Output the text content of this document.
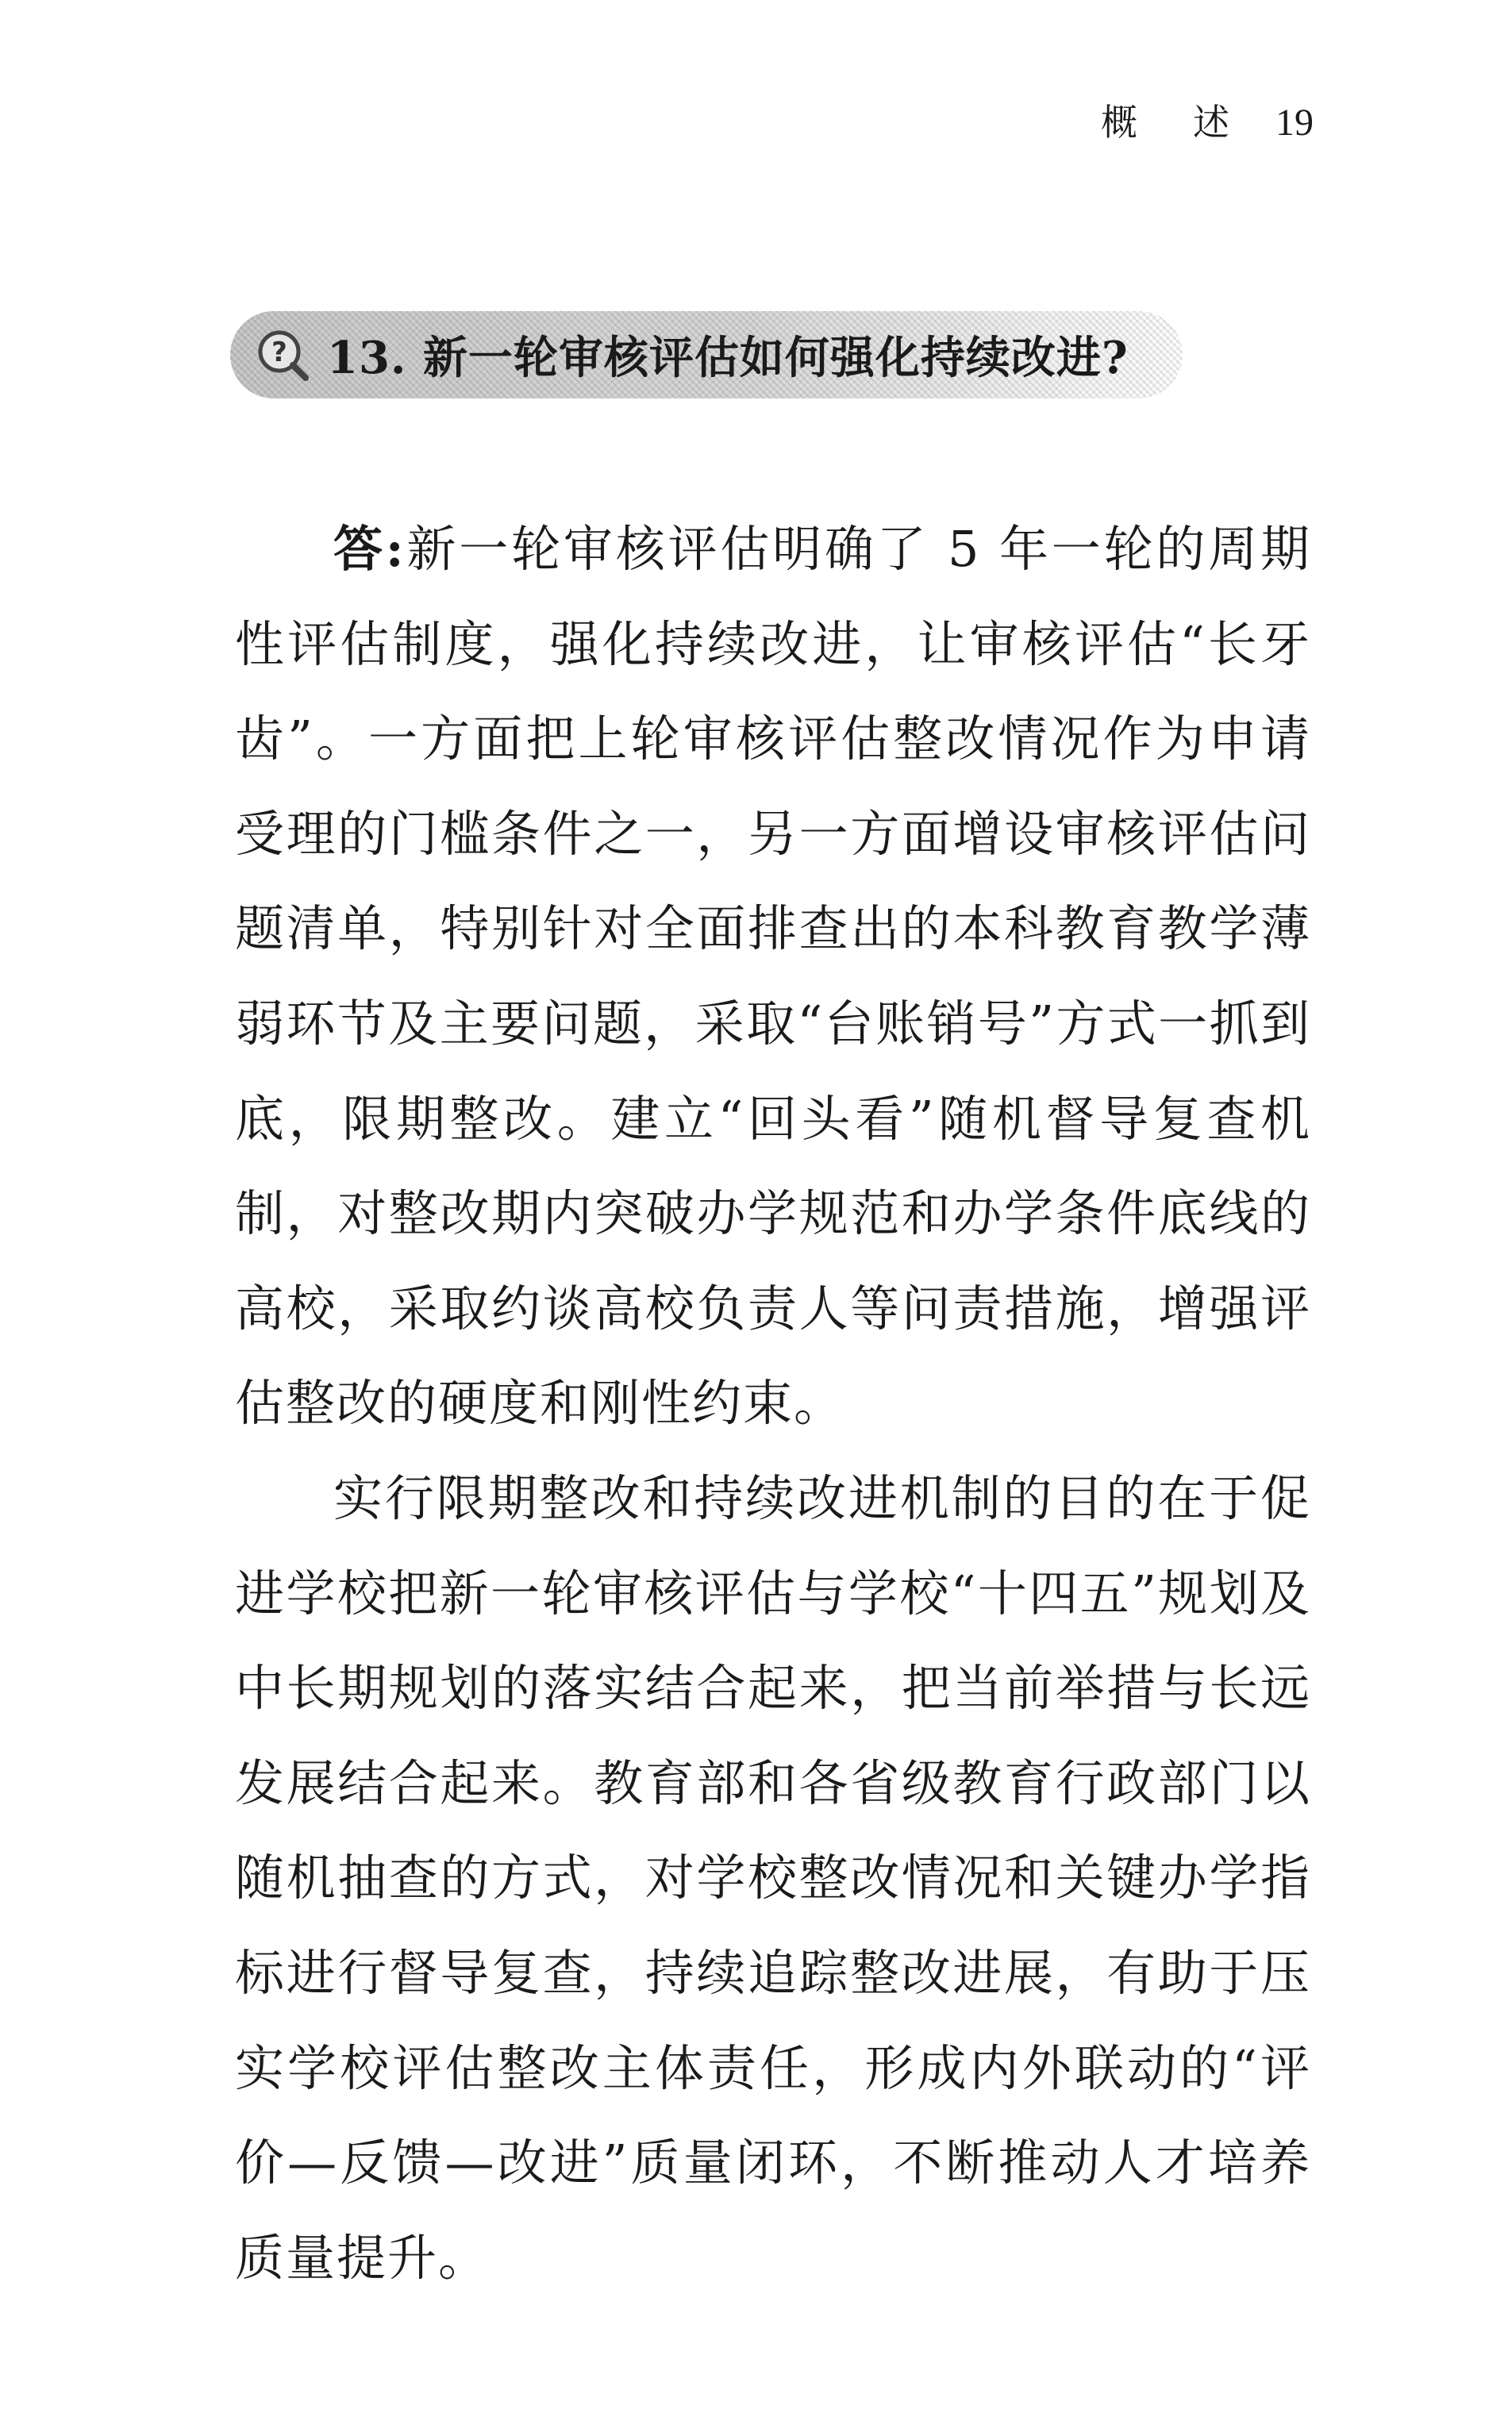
概述
19
? 13. 新一轮审核评估如何强化持续改进?

答:新一轮审核评估明确了 5 年一轮的周期性评估制度，强化持续改进，让审核评估“长牙齿”。一方面把上轮审核评估整改情况作为申请受理的门槛条件之一，另一方面增设审核评估问题清单，特别针对全面排查出的本科教育教学薄弱环节及主要问题，采取“台账销号”方式一抓到底，限期整改。建立“回头看”随机督导复查机制，对整改期内突破办学规范和办学条件底线的高校，采取约谈高校负责人等问责措施，增强评估整改的硬度和刚性约束。

实行限期整改和持续改进机制的目的在于促进学校把新一轮审核评估与学校“十四五”规划及中长期规划的落实结合起来，把当前举措与长远发展结合起来。教育部和各省级教育行政部门以随机抽查的方式，对学校整改情况和关键办学指标进行督导复查，持续追踪整改进展，有助于压实学校评估整改主体责任，形成内外联动的“评价—反馈—改进”质量闭环，不断推动人才培养质量提升。
